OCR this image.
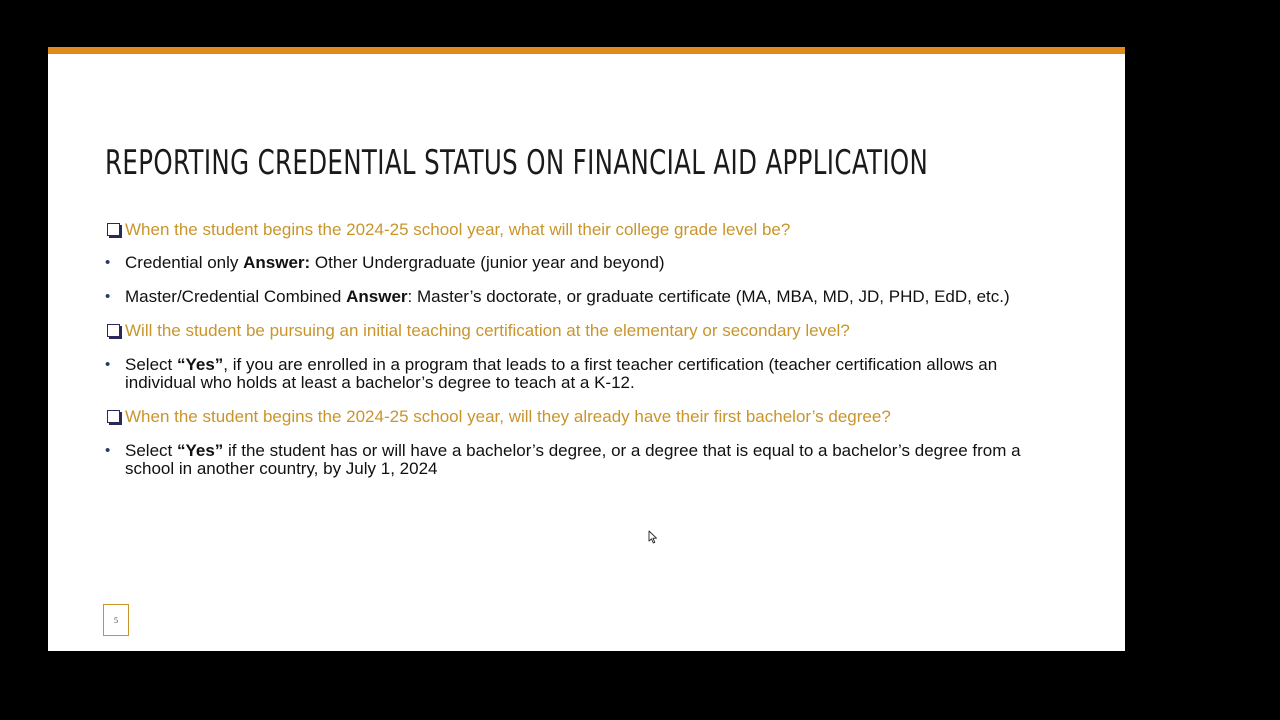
REPORTING CREDENTIAL STATUS ON FINANCIAL AID APPLICATION

When the student begins the 2024-25 school year, what will their college grade level be?

• Credential only Answer: Other Undergraduate (junior year and beyond)

• Master/Credential Combined Answer: Master’s doctorate, or graduate certificate (MA, MBA, MD, JD, PHD, EdD, etc.)

Will the student be pursuing an initial teaching certification at the elementary or secondary level?

• Select “Yes”, if you are enrolled in a program that leads to a first teacher certification (teacher certification allows an individual who holds at least a bachelor’s degree to teach at a K-12.

When the student begins the 2024-25 school year, will they already have their first bachelor’s degree?

• Select “Yes” if the student has or will have a bachelor’s degree, or a degree that is equal to a bachelor’s degree from a school in another country, by July 1, 2024

5
